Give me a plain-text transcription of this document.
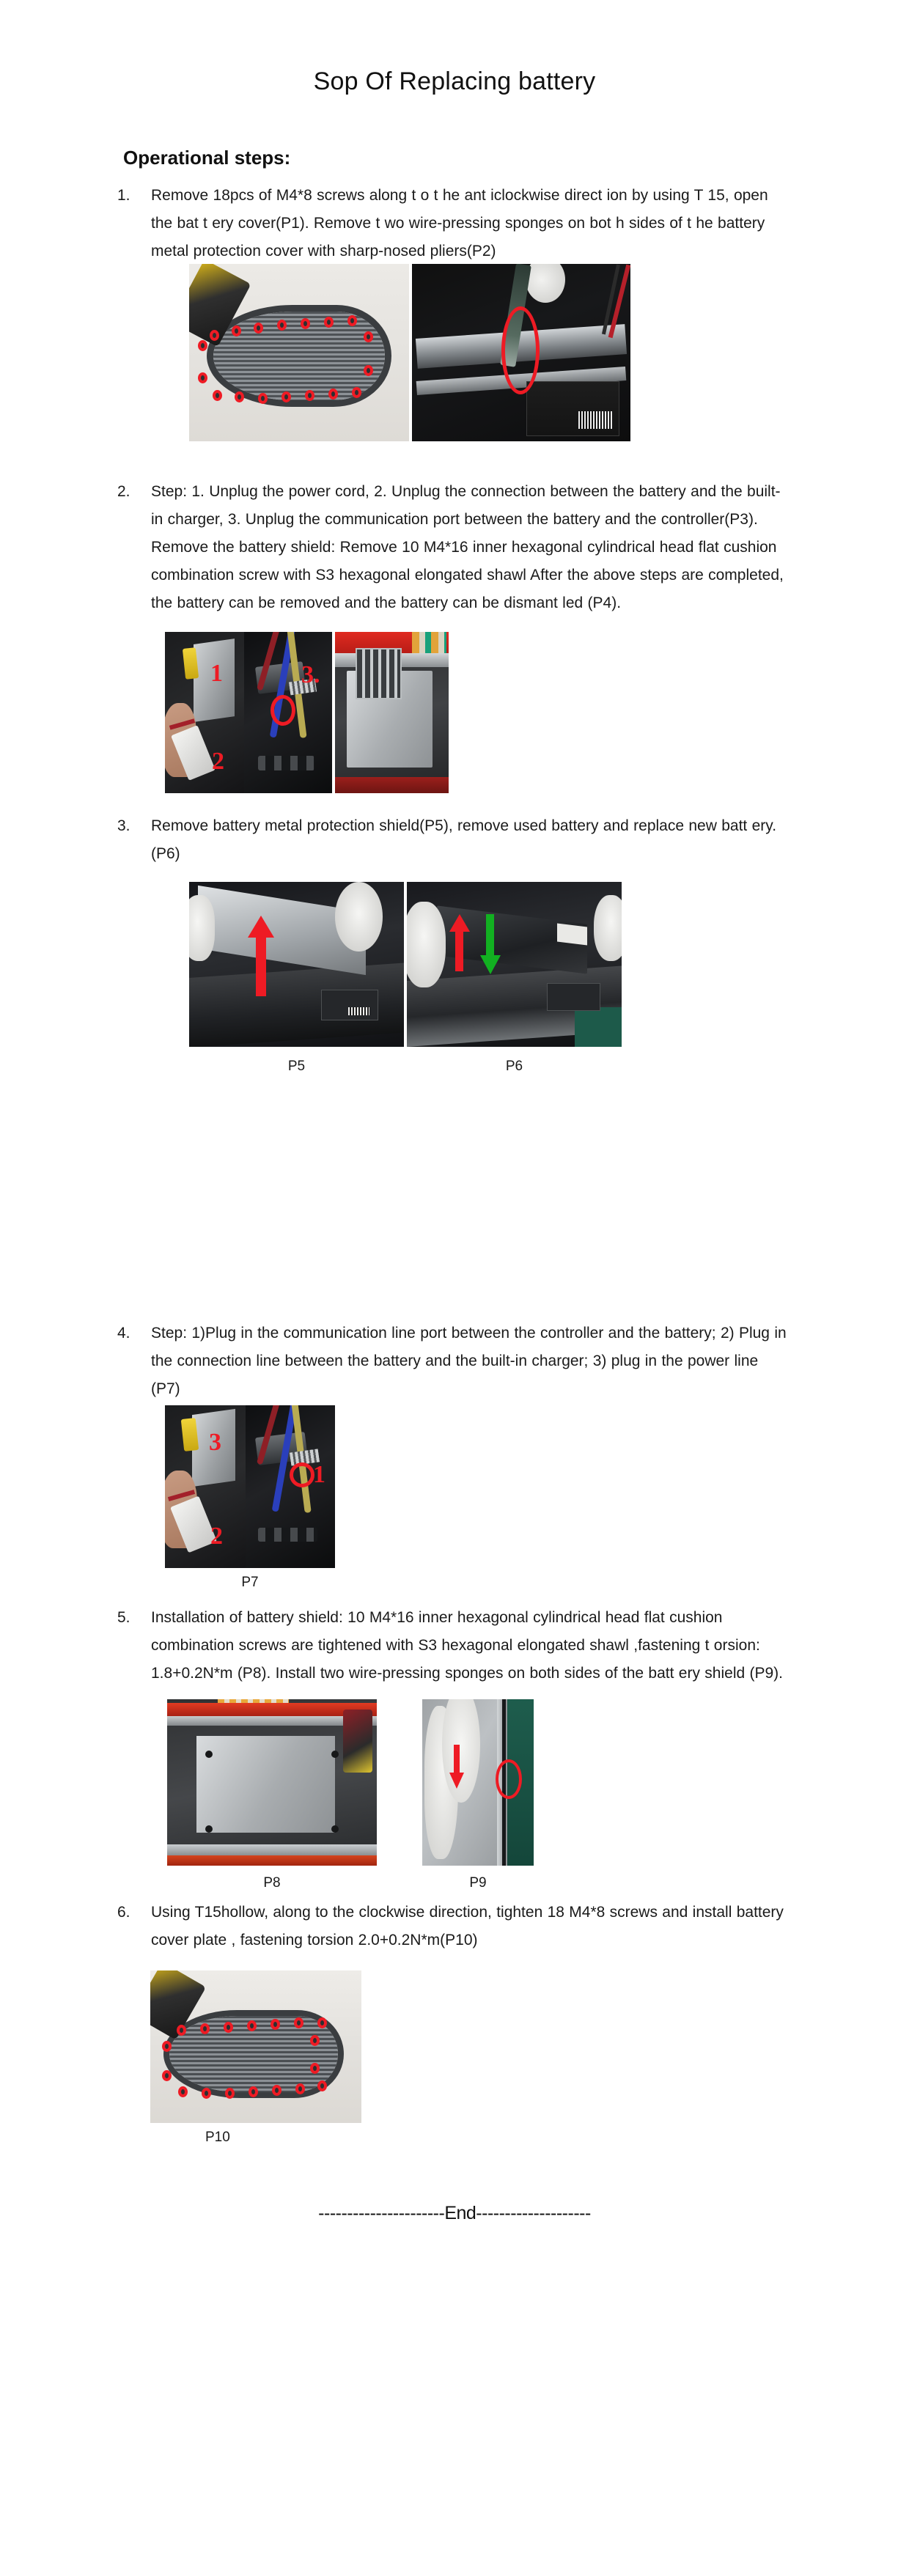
Sop Of Replacing battery
Operational steps:
1.	Remove 18pcs of M4*8 screws along t o t he ant iclockwise direct ion by using T 15, open the bat t ery cover(P1). Remove t wo wire-pressing sponges on bot h sides of t he battery metal protection cover with sharp-nosed pliers(P2)
2.	Step: 1. Unplug the power cord, 2. Unplug the connection between the battery and the built-in charger, 3. Unplug the communication port between the battery and the controller(P3). Remove the battery shield: Remove 10 M4*16 inner hexagonal cylindrical head flat cushion combination screw with S3 hexagonal elongated shawl After the above steps are completed, the battery can be removed and the battery can be dismant led (P4).
1
2
3.
3.	Remove battery metal protection shield(P5), remove used battery and replace new batt ery.(P6)
P5	P6
4.	Step: 1)Plug in the communication line port between the controller and the battery; 2) Plug in the connection line between the battery and the built-in charger; 3) plug in the power line (P7)
3
2
1
P7
5.	Installation of battery shield: 10 M4*16 inner hexagonal cylindrical head flat cushion combination screws are tightened with S3 hexagonal elongated shawl ,fastening t orsion: 1.8+0.2N*m (P8). Install two wire-pressing sponges on both sides of the batt ery shield (P9).
P8	P9
6.	Using T15hollow, along to the clockwise direction, tighten 18 M4*8 screws and install battery cover plate , fastening torsion 2.0+0.2N*m(P10)
P10
----------------------End--------------------
